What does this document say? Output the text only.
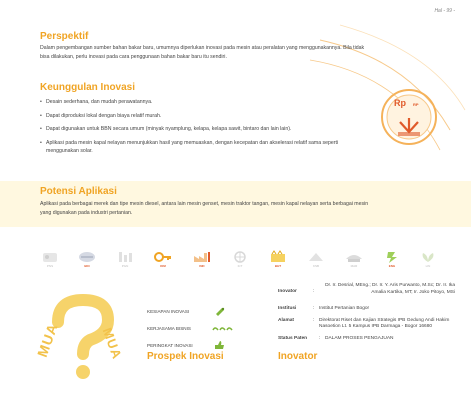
Hal - 99 -
Perspektif
Dalam pengembangan sumber bahan bakar baru, umumnya diperlukan inovasi pada mesin atau peralatan yang menggunakannya. Bila tidak bisa dilakukan, perlu inovasi pada cara penggunaan bahan bakar baru itu sendiri.
Keunggulan Inovasi
• Desain sederhana, dan mudah perawatannya.
• Dapat diproduksi lokal dengan biaya relatif murah.
• Dapat digunakan untuk BBN secara umum (minyak nyamplung, kelapa, kelapa sawit, bintaro dan lain lain).
• Aplikasi pada mesin kapal nelayan menunjukkan hasil yang memuaskan, dengan kecepatan dan akselerasi relatif sama seperti menggunakan solar.
Rp RP
Potensi Aplikasi
Aplikasi pada berbagai merek dan tipe mesin diesel, antara lain mesin genset, mesin traktor tangan, mesin kapal nelayan serta berbagai mesin yang digunakan pada industri pertanian.
PNS	BIO	PGN	KIM	IND	ICT	BHT	KSB	MAR	ENG	LIN
MUA	MUA
KESIAPAN INOVASI
KERJASAMA BISNIS
PERINGKAT INOVASI
Prospek Inovasi
Inovator	:
Dr. Ir. Desrial, MEng.; Dr. Ir. Y. Aris Purwanto, M.Sc; Dr. Ir. Ika Amalia Kartika, MT; Ir. Joko Pitoyo, MSi
Institusi	: Institut Pertanian Bogor
Alamat	: Direktorat Riset dan Kajian Strategis IPB Gedung Andi Hakim Nasoetion Lt. 5 Kampus IPB Darmaga - Bogor 16680
Status Paten	: DALAM PROSES PENGAJUAN
Inovator
